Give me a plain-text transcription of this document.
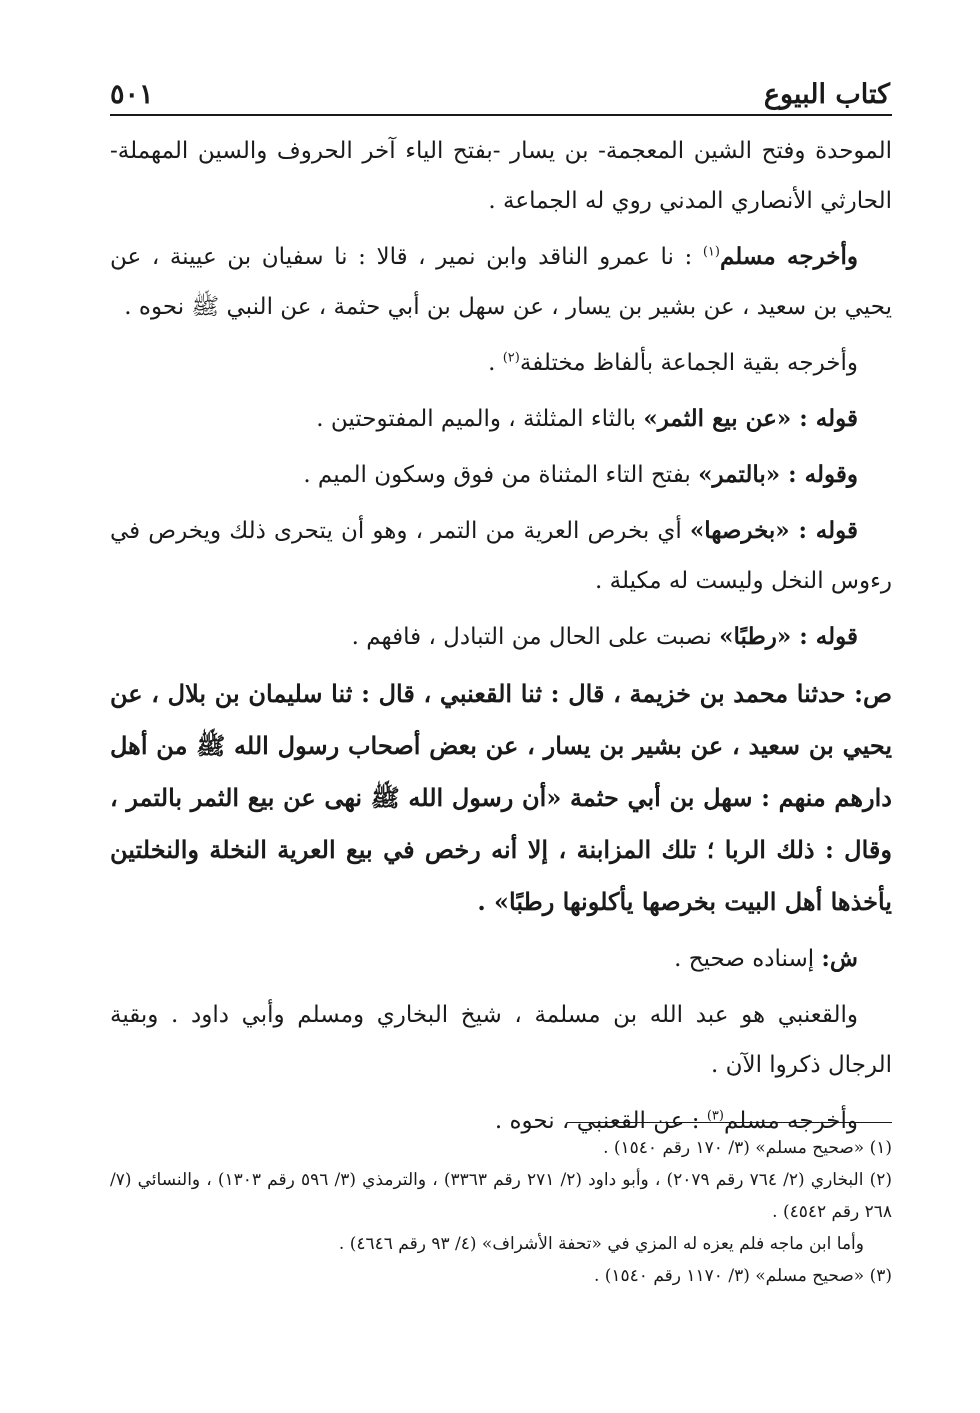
كتاب البيوع
٥٠١

الموحدة وفتح الشين المعجمة- بن يسار -بفتح الياء آخر الحروف والسين المهملة- الحارثي الأنصاري المدني روي له الجماعة .

وأخرجه مسلم$^{(١)}$ : نا عمرو الناقد وابن نمير ، قالا : نا سفيان بن عيينة ، عن يحيي بن سعيد ، عن بشير بن يسار ، عن سهل بن أبي حثمة ، عن النبي ﷺ نحوه .

وأخرجه بقية الجماعة بألفاظ مختلفة$^{(٢)}$ .

قوله : «عن بيع الثمر» بالثاء المثلثة ، والميم المفتوحتين .

وقوله : «بالتمر» بفتح التاء المثناة من فوق وسكون الميم .

قوله : «بخرصها» أي بخرص العرية من التمر ، وهو أن يتحرى ذلك ويخرص في رءوس النخل وليست له مكيلة .

قوله : «رطبًا» نصبت على الحال من التبادل ، فافهم .

ص: حدثنا محمد بن خزيمة ، قال : ثنا القعنبي ، قال : ثنا سليمان بن بلال ، عن يحيي بن سعيد ، عن بشير بن يسار ، عن بعض أصحاب رسول الله ﷺ من أهل دارهم منهم : سهل بن أبي حثمة «أن رسول الله ﷺ نهى عن بيع الثمر بالتمر ، وقال : ذلك الربا ؛ تلك المزابنة ، إلا أنه رخص في بيع العرية النخلة والنخلتين يأخذها أهل البيت بخرصها يأكلونها رطبًا» .

ش: إسناده صحيح .

والقعنبي هو عبد الله بن مسلمة ، شيخ البخاري ومسلم وأبي داود . وبقية الرجال ذكروا الآن .

وأخرجه مسلم$^{(٣)}$ : عن القعنبي ، نحوه .

(١) «صحيح مسلم» (٣/ ١٧٠ رقم ١٥٤٠) .
(٢) البخاري (٢/ ٧٦٤ رقم ٢٠٧٩) ، وأبو داود (٢/ ٢٧١ رقم ٣٣٦٣) ، والترمذي (٣/ ٥٩٦ رقم ١٣٠٣) ، والنسائي (٧/ ٢٦٨ رقم ٤٥٤٢) .
وأما ابن ماجه فلم يعزه له المزي في «تحفة الأشراف» (٤/ ٩٣ رقم ٤٦٤٦) .
(٣) «صحيح مسلم» (٣/ ١١٧٠ رقم ١٥٤٠) .
